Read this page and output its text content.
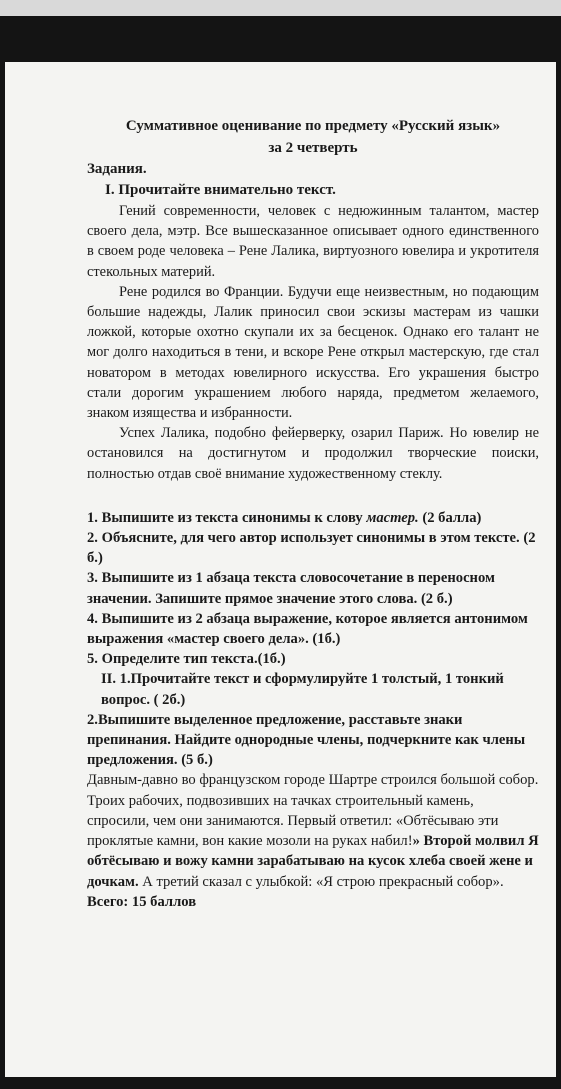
Суммативное оценивание по предмету «Русский язык»
за 2 четверть
Задания.
I. Прочитайте внимательно текст.

Гений современности, человек с недюжинным талантом, мастер своего дела, мэтр. Все вышесказанное описывает одного единственного в своем роде человека – Рене Лалика, виртуозного ювелира и укротителя стекольных материй.

Рене родился во Франции. Будучи еще неизвестным, но подающим большие надежды, Лалик приносил свои эскизы мастерам из чашки ложкой, которые охотно скупали их за бесценок. Однако его талант не мог долго находиться в тени, и вскоре Рене открыл мастерскую, где стал новатором в методах ювелирного искусства. Его украшения быстро стали дорогим украшением любого наряда, предметом желаемого, знаком изящества и избранности.

Успех Лалика, подобно фейерверку, озарил Париж. Но ювелир не остановился на достигнутом и продолжил творческие поиски, полностью отдав своё внимание художественному стеклу.

1. Выпишите из текста синонимы к слову мастер. (2 балла)
2. Объясните, для чего автор использует синонимы в этом тексте. (2 б.)
3. Выпишите из 1 абзаца текста словосочетание в переносном значении. Запишите прямое значение этого слова. (2 б.)
4. Выпишите из 2 абзаца выражение, которое является антонимом выражения «мастер своего дела». (1б.)
5. Определите тип текста.(1б.)
II. 1.Прочитайте текст и сформулируйте 1 толстый, 1 тонкий вопрос. ( 2б.)
2.Выпишите выделенное предложение, расставьте знаки препинания. Найдите однородные члены, подчеркните как члены предложения. (5 б.)
Давным-давно во французском городе Шартре строился большой собор. Троих рабочих, подвозивших на тачках строительный камень, спросили, чем они занимаются. Первый ответил: «Обтёсываю эти проклятые камни, вон какие мозоли на руках набил!» Второй молвил Я обтёсываю и вожу камни зарабатываю на кусок хлеба своей жене и дочкам. А третий сказал с улыбкой: «Я строю прекрасный собор».
Всего: 15 баллов
